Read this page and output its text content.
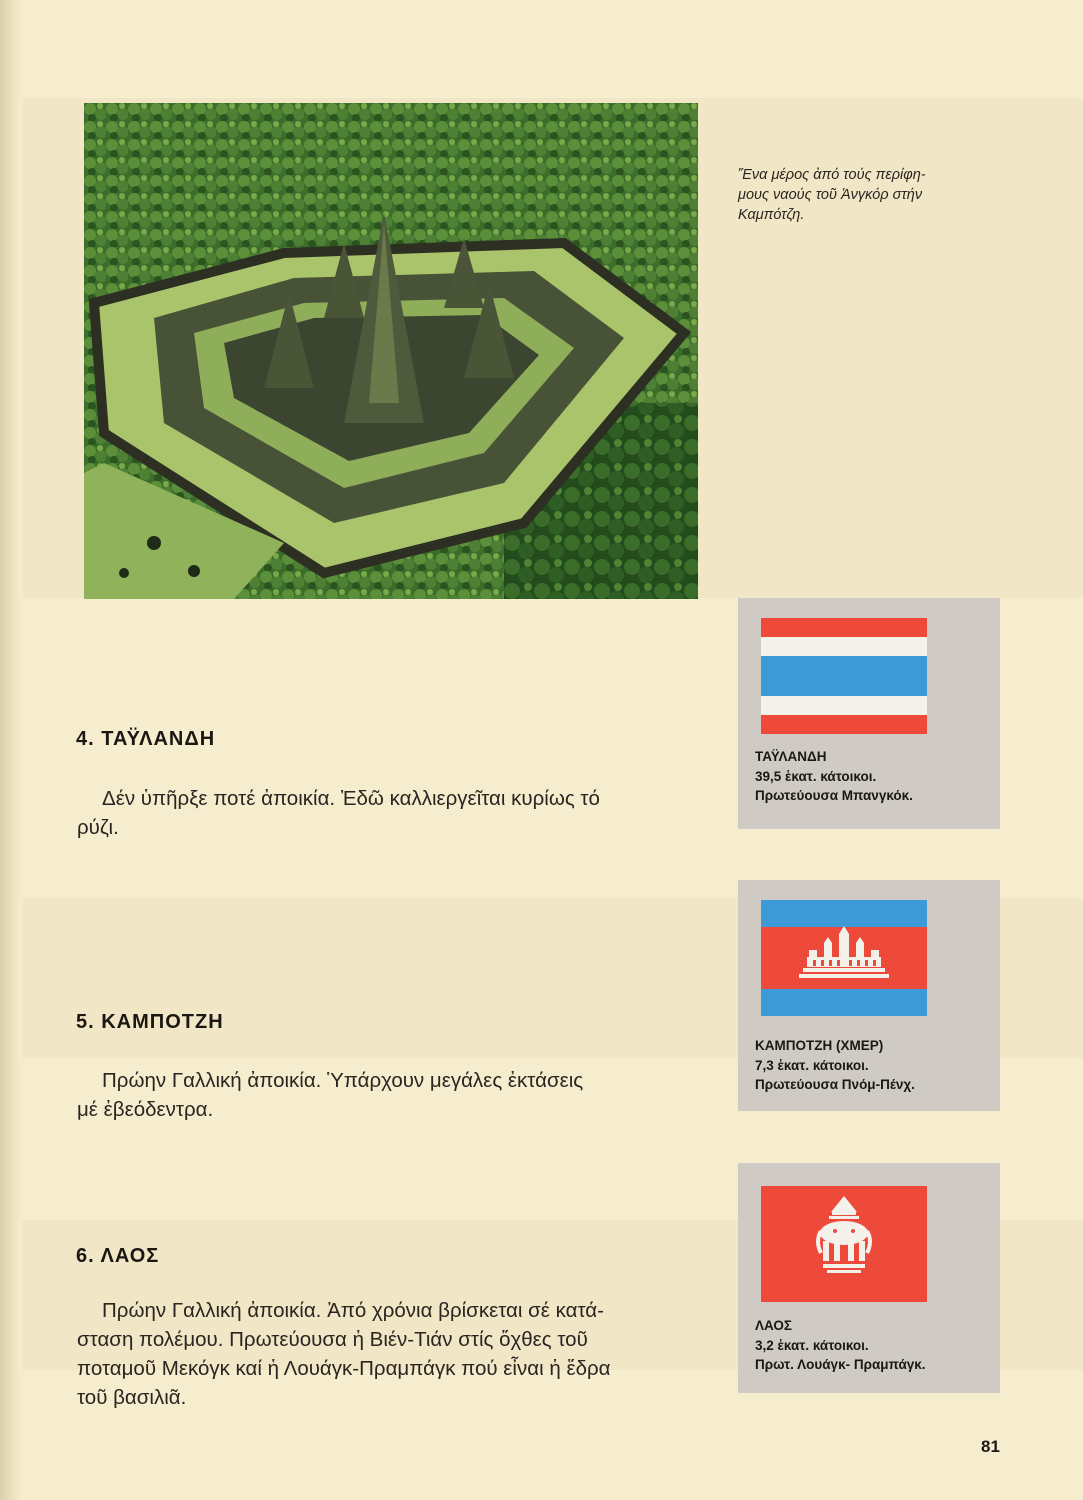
Ἕνα μέρος ἀπό τούς περίφη-
μους ναούς τοῦ Ἀνγκόρ στήν
Καμπότζη.
4. ΤΑΫΛΑΝΔΗ
Δέν ὑπῆρξε ποτέ ἀποικία. Ἐδῶ καλλιεργεῖται κυρίως τό
ρύζι.
5. ΚΑΜΠΟΤΖΗ
Πρώην Γαλλική ἀποικία. Ὑπάρχουν μεγάλες ἐκτάσεις
μέ ἐβεόδεντρα.
6. ΛΑΟΣ
Πρώην Γαλλική ἀποικία. Ἀπό χρόνια βρίσκεται σέ κατά-
σταση πολέμου. Πρωτεύουσα ἡ Βιέν-Τιάν στίς ὄχθες τοῦ
ποταμοῦ Μεκόγκ καί ἡ Λουάγκ-Πραμπάγκ πού εἶναι ἡ ἕδρα
τοῦ βασιλιᾶ.
ΤΑΫΛΑΝΔΗ
39,5 ἑκατ. κάτοικοι.
Πρωτεύουσα Μπανγκόκ.
ΚΑΜΠΟΤΖΗ (ΧΜΕΡ)
7,3 ἑκατ. κάτοικοι.
Πρωτεύουσα Πνόμ-Πένχ.
ΛΑΟΣ
3,2 ἑκατ. κάτοικοι.
Πρωτ. Λουάγκ- Πραμπάγκ.
81
